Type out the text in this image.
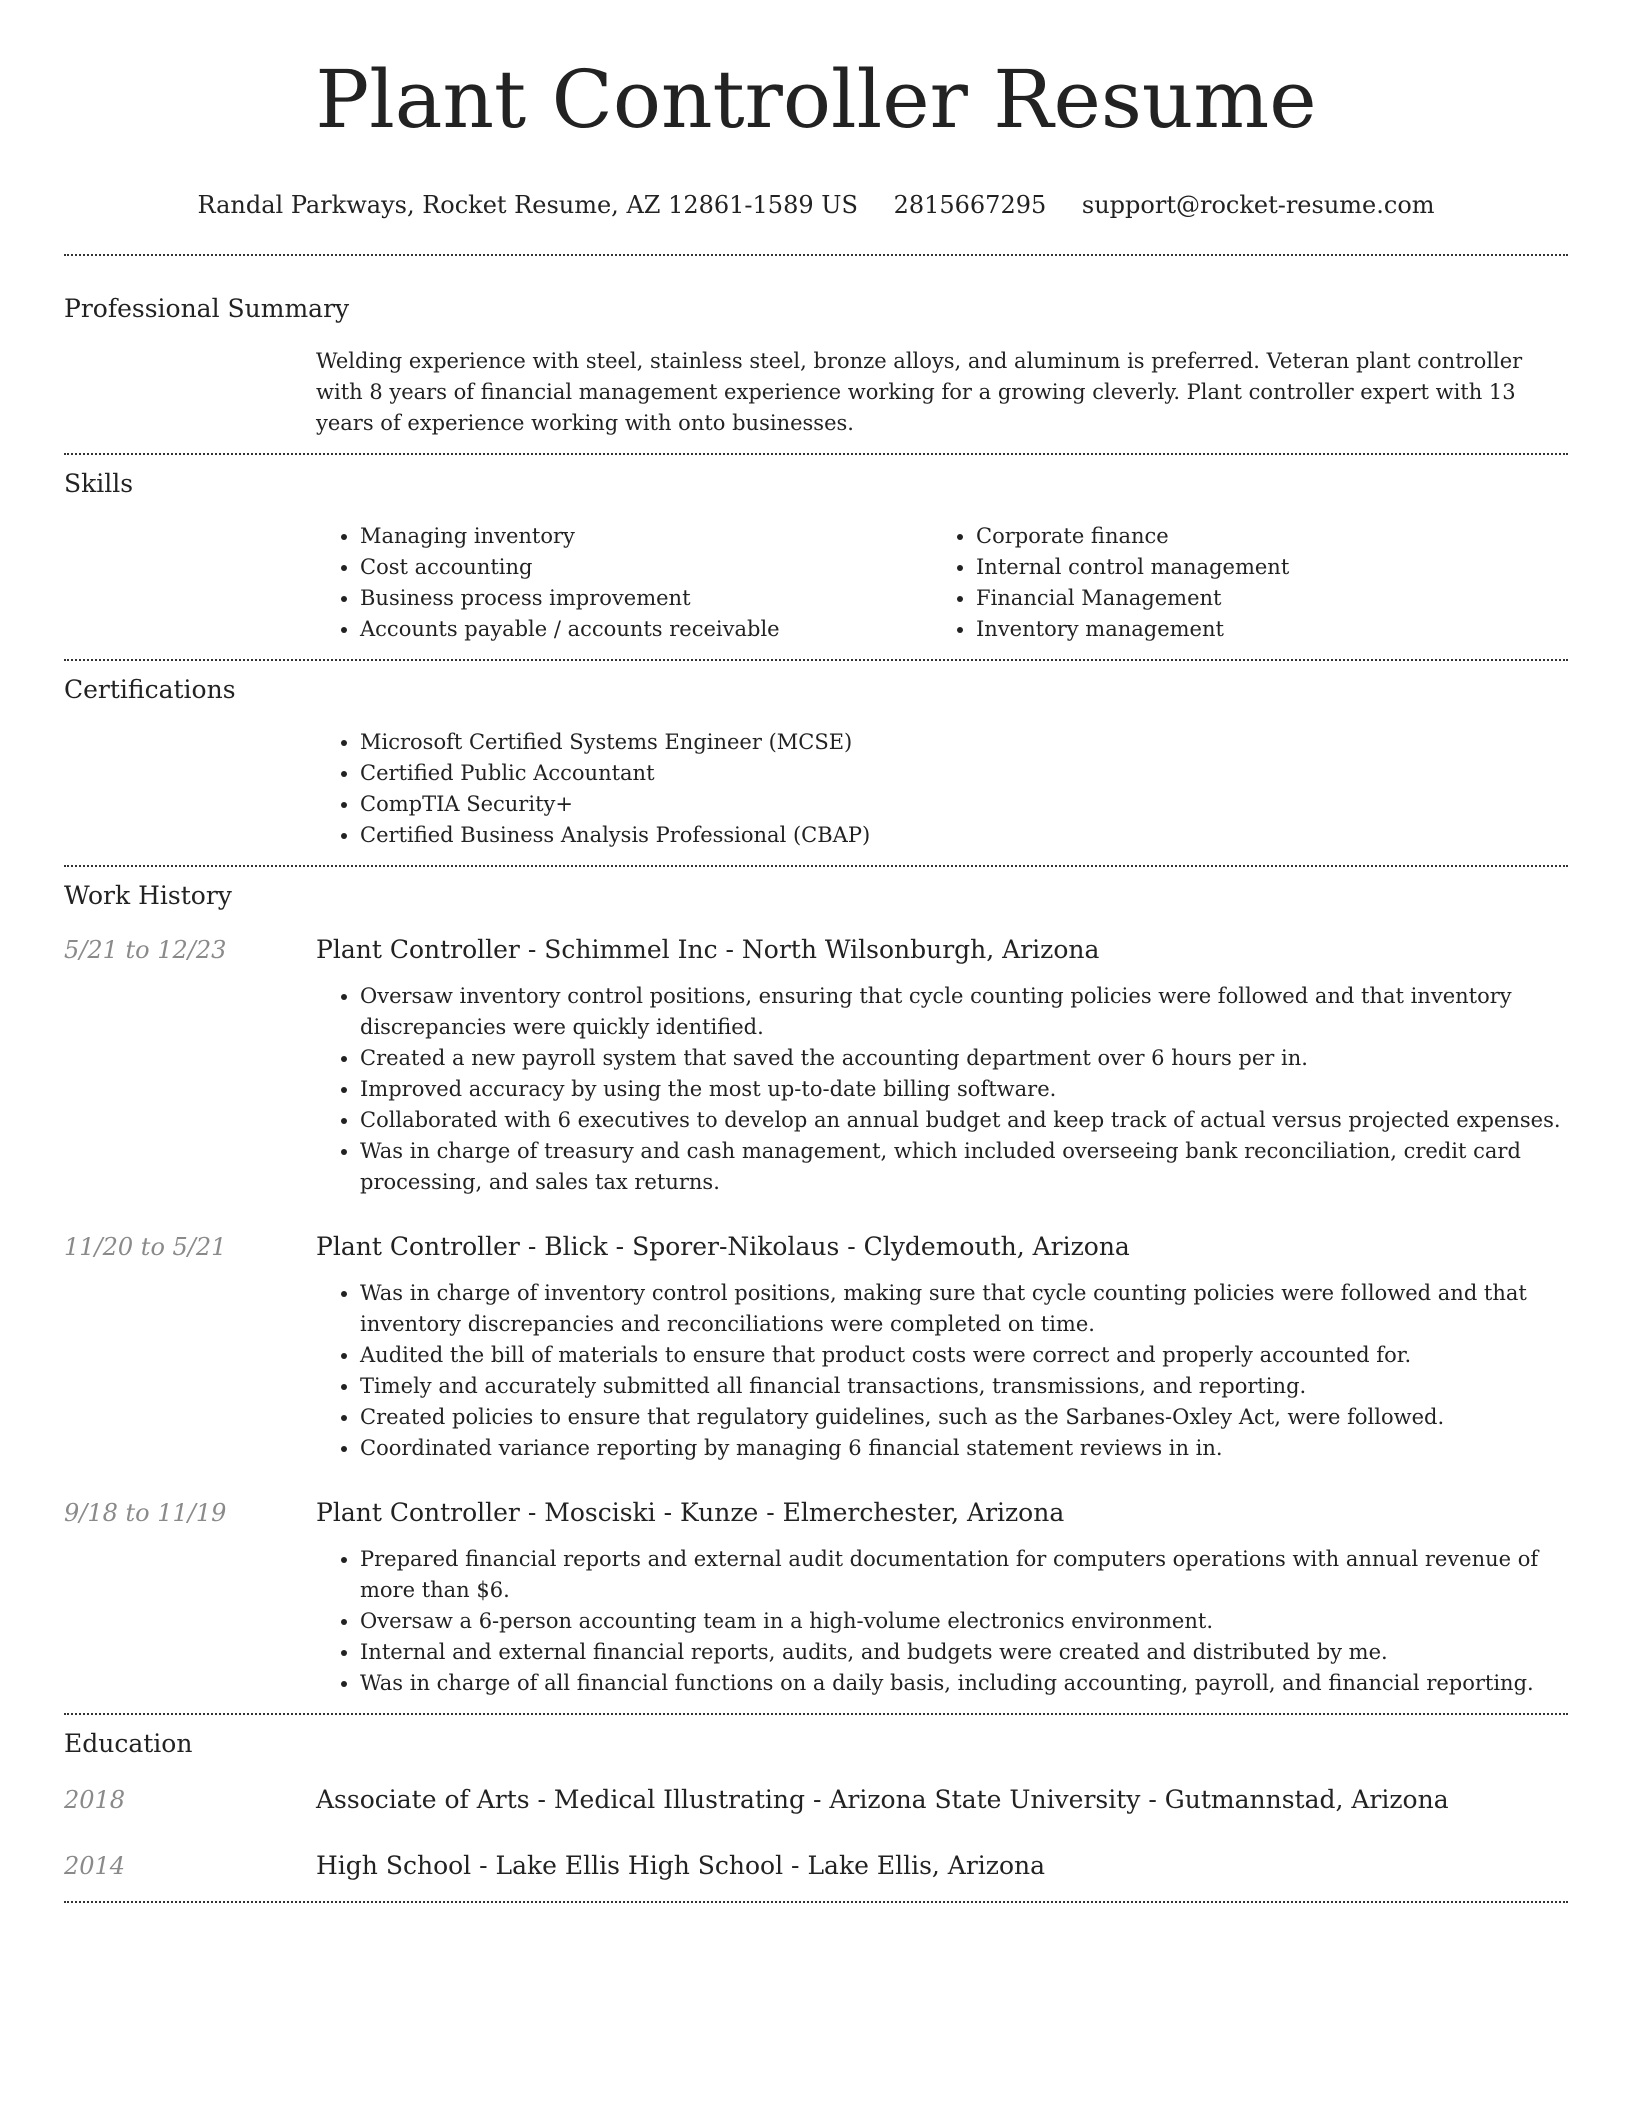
Plant Controller Resume
Randal Parkways, Rocket Resume, AZ 12861-1589 US 2815667295 support@rocket-resume.com
Professional Summary

Welding experience with steel, stainless steel, bronze alloys, and aluminum is preferred. Veteran plant controller with 8 years of financial management experience working for a growing cleverly. Plant controller expert with 13 years of experience working with onto businesses.

Skills
• Managing inventory
• Cost accounting
• Business process improvement
• Accounts payable / accounts receivable
• Corporate finance
• Internal control management
• Financial Management
• Inventory management
Certifications
• Microsoft Certified Systems Engineer (MCSE)
• Certified Public Accountant
• CompTIA Security+
• Certified Business Analysis Professional (CBAP)
Work History
5/21 to 12/23	Plant Controller - Schimmel Inc - North Wilsonburgh, Arizona
• Oversaw inventory control positions, ensuring that cycle counting policies were followed and that inventory discrepancies were quickly identified.
• Created a new payroll system that saved the accounting department over 6 hours per in.
• Improved accuracy by using the most up-to-date billing software.
• Collaborated with 6 executives to develop an annual budget and keep track of actual versus projected expenses.
• Was in charge of treasury and cash management, which included overseeing bank reconciliation, credit card processing, and sales tax returns.
11/20 to 5/21	Plant Controller - Blick - Sporer-Nikolaus - Clydemouth, Arizona
• Was in charge of inventory control positions, making sure that cycle counting policies were followed and that inventory discrepancies and reconciliations were completed on time.
• Audited the bill of materials to ensure that product costs were correct and properly accounted for.
• Timely and accurately submitted all financial transactions, transmissions, and reporting.
• Created policies to ensure that regulatory guidelines, such as the Sarbanes-Oxley Act, were followed.
• Coordinated variance reporting by managing 6 financial statement reviews in in.
9/18 to 11/19	Plant Controller - Mosciski - Kunze - Elmerchester, Arizona
• Prepared financial reports and external audit documentation for computers operations with annual revenue of more than $6.
• Oversaw a 6-person accounting team in a high-volume electronics environment.
• Internal and external financial reports, audits, and budgets were created and distributed by me.
• Was in charge of all financial functions on a daily basis, including accounting, payroll, and financial reporting.
Education
2018	Associate of Arts - Medical Illustrating - Arizona State University - Gutmannstad, Arizona
2014	High School - Lake Ellis High School - Lake Ellis, Arizona
